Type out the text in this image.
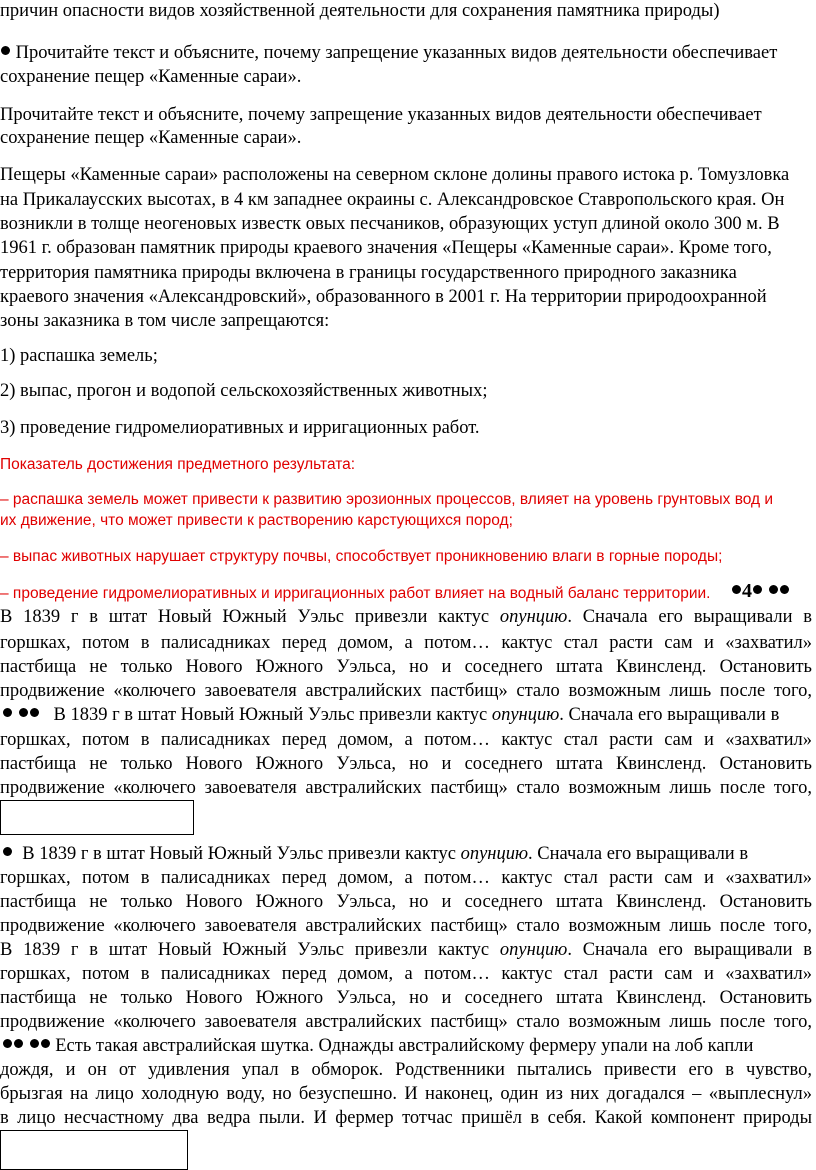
причин опасности видов хозяйственной деятельности для сохранения памятника природы)
Прочитайте текст и объясните, почему запрещение указанных видов деятельности обеспечивает
сохранение пещер «Каменные сараи».
Прочитайте текст и объясните, почему запрещение указанных видов деятельности обеспечивает
сохранение пещер «Каменные сараи».
Пещеры «Каменные сараи» расположены на северном склоне долины правого истока р. Томузловка
на Прикалаусских высотах, в 4 км западнее окраины с. Александровское Ставропольского края. Он
возникли в толще неогеновых известк овых песчаников, образующих уступ длиной около 300 м. В
1961 г. образован памятник природы краевого значения «Пещеры «Каменные сараи». Кроме того,
территория памятника природы включена в границы государственного природного заказника
краевого значения «Александровский», образованного в 2001 г. На территории природоохранной
зоны заказника в том числе запрещаются:
1) распашка земель;
2) выпас, прогон и водопой сельскохозяйственных животных;
3) проведение гидромелиоративных и ирригационных работ.
Показатель достижения предметного результата:
– распашка земель может привести к развитию эрозионных процессов, влияет на уровень грунтовых вод и
их движение, что может привести к растворению карстующихся пород;
– выпас животных нарушает структуру почвы, способствует проникновению влаги в горные породы;
– проведение гидромелиоративных и ирригационных работ влияет на водный баланс территории.	4
В 1839 г в штат Новый Южный Уэльс привезли кактус опунцию. Сначала его выращивали в
горшках, потом в палисадниках перед домом, а потом… кактус стал расти сам и «захватил»
пастбища не только Нового Южного Уэльса, но и соседнего штата Квинсленд. Остановить
продвижение «колючего завоевателя австралийских пастбищ» стало возможным лишь после того,
В 1839 г в штат Новый Южный Уэльс привезли кактус опунцию. Сначала его выращивали в
горшках, потом в палисадниках перед домом, а потом… кактус стал расти сам и «захватил»
пастбища не только Нового Южного Уэльса, но и соседнего штата Квинсленд. Остановить
продвижение «колючего завоевателя австралийских пастбищ» стало возможным лишь после того,
В 1839 г в штат Новый Южный Уэльс привезли кактус опунцию. Сначала его выращивали в
горшках, потом в палисадниках перед домом, а потом… кактус стал расти сам и «захватил»
пастбища не только Нового Южного Уэльса, но и соседнего штата Квинсленд. Остановить
продвижение «колючего завоевателя австралийских пастбищ» стало возможным лишь после того,
В 1839 г в штат Новый Южный Уэльс привезли кактус опунцию. Сначала его выращивали в
горшках, потом в палисадниках перед домом, а потом… кактус стал расти сам и «захватил»
пастбища не только Нового Южного Уэльса, но и соседнего штата Квинсленд. Остановить
продвижение «колючего завоевателя австралийских пастбищ» стало возможным лишь после того,
Есть такая австралийская шутка. Однажды австралийскому фермеру упали на лоб капли
дождя, и он от удивления упал в обморок. Родственники пытались привести его в чувство,
брызгая на лицо холодную воду, но безуспешно. И наконец, один из них догадался – «выплеснул»
в лицо несчастному два ведра пыли. И фермер тотчас пришёл в себя. Какой компонент природы
